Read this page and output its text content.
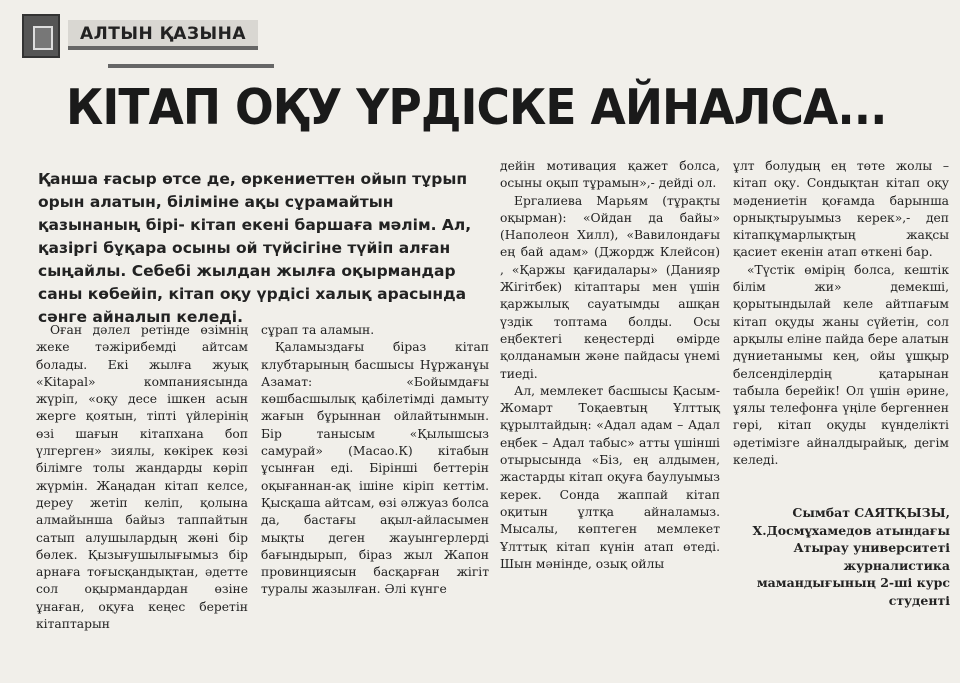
АЛТЫН ҚАЗЫНА
КІТАП ОҚУ ҮРДІСКЕ АЙНАЛСА...
Қанша ғасыр өтсе де, өркениеттен ойып тұрып орын алатын, біліміне ақы сұрамайтын қазынаның бірі- кітап екені баршаға мәлім. Ал, қазіргі бұқара осыны ой түйсігіне түйіп алған сыңайлы. Себебі жылдан жылға оқырмандар саны көбейіп, кітап оқу үрдісі халық арасында сәнге айналып келеді.

Оған дәлел ретінде өзімнің жеке тәжірибемді айтсам болады. Екі жылға жуық «Kitapal» компаниясында жүріп, «оқу десе ішкен асын жерге қоятын, тіпті үйлерінің өзі шағын кітапхана боп үлгерген» зиялы, көкірек көзі білімге толы жандарды көріп жүрмін. Жаңадан кітап келсе, дереу жетіп келіп, қолына алмайынша байыз таппайтын сатып алушылардың жөні бір бөлек. Қызығушылығымыз бір арнаға тоғысқандықтан, әдетте сол оқырмандардан өзіне ұнаған, оқуға кеңес беретін кітаптарын

сұрап та аламын.

Қаламыздағы біраз кітап клубтарының басшысы Нұржанұы Азамат: «Бойымдағы көшбасшылық қабілетімді дамыту жағын бұрыннан ойлайтынмын. Бір танысым «Қылышсыз самурай» (Масао.К) кітабын ұсынған еді. Біріншi беттерін оқығаннан-ақ ішіне кіріп кеттім. Қысқаша айтсам, өзі әлжуаз болса да, бастағы ақыл-айласымен мықты деген жауынгерлерді бағындырып, біраз жыл Жапон провинциясын басқарған жігіт туралы жазылған. Әлі күнге

дейін мотивация қажет болса, осыны оқып тұрамын»,- дейді ол.

Ергалиева Марьям (тұрақты оқырман): «Ойдан да байы» (Наполеон Хилл), «Вавилондағы ең бай адам» (Джордж Клейсон) , «Қаржы қағидалары» (Данияр Жігітбек) кітаптары мен үшін қаржылық сауатымды ашқан үздік топтама болды. Осы еңбектегі кеңестерді өмірде қолданамын және пайдасы үнемі тиеді.

Ал, мемлекет басшысы Қасым-Жомарт Тоқаевтың Ұлттық құрылтайдың: «Адал адам – Адал еңбек – Адал табыс» атты үшінші отырысында «Біз, ең алдымен, жастарды кітап оқуға баулуымыз керек. Сонда жаппай кітап оқитын ұлтқа айналамыз. Мысалы, көптеген мемлекет Ұлттық кітап күнін атап өтеді. Шын мәнінде, озық ойлы

ұлт болудың ең төте жолы – кітап оқу. Сондықтан кітап оқу мәдениетін қоғамда барынша орнықтыруымыз керек»,- деп кітапқұмарлықтың жақсы қасиет екенін атап өткені бар.

«Түстік өмірің болса, кештік білім жи» демекші, қорытындылай келе айтпағым кітап оқуды жаны сүйетін, сол арқылы еліне пайда бере алатын дүниетанымы кең, ойы ұшқыр белсенділердің қатарынан табыла берейік! Ол үшін әрине, ұялы телефонға үңіле бергеннен гөрі, кітап оқуды күнделікті әдетімізге айналдырайық, дегім келеді.

Сымбат САЯТҚЫЗЫ,
Х.Досмұхамедов атындағы
Атырау университеті
журналистика
мамандығының 2-ші курс
студенті
